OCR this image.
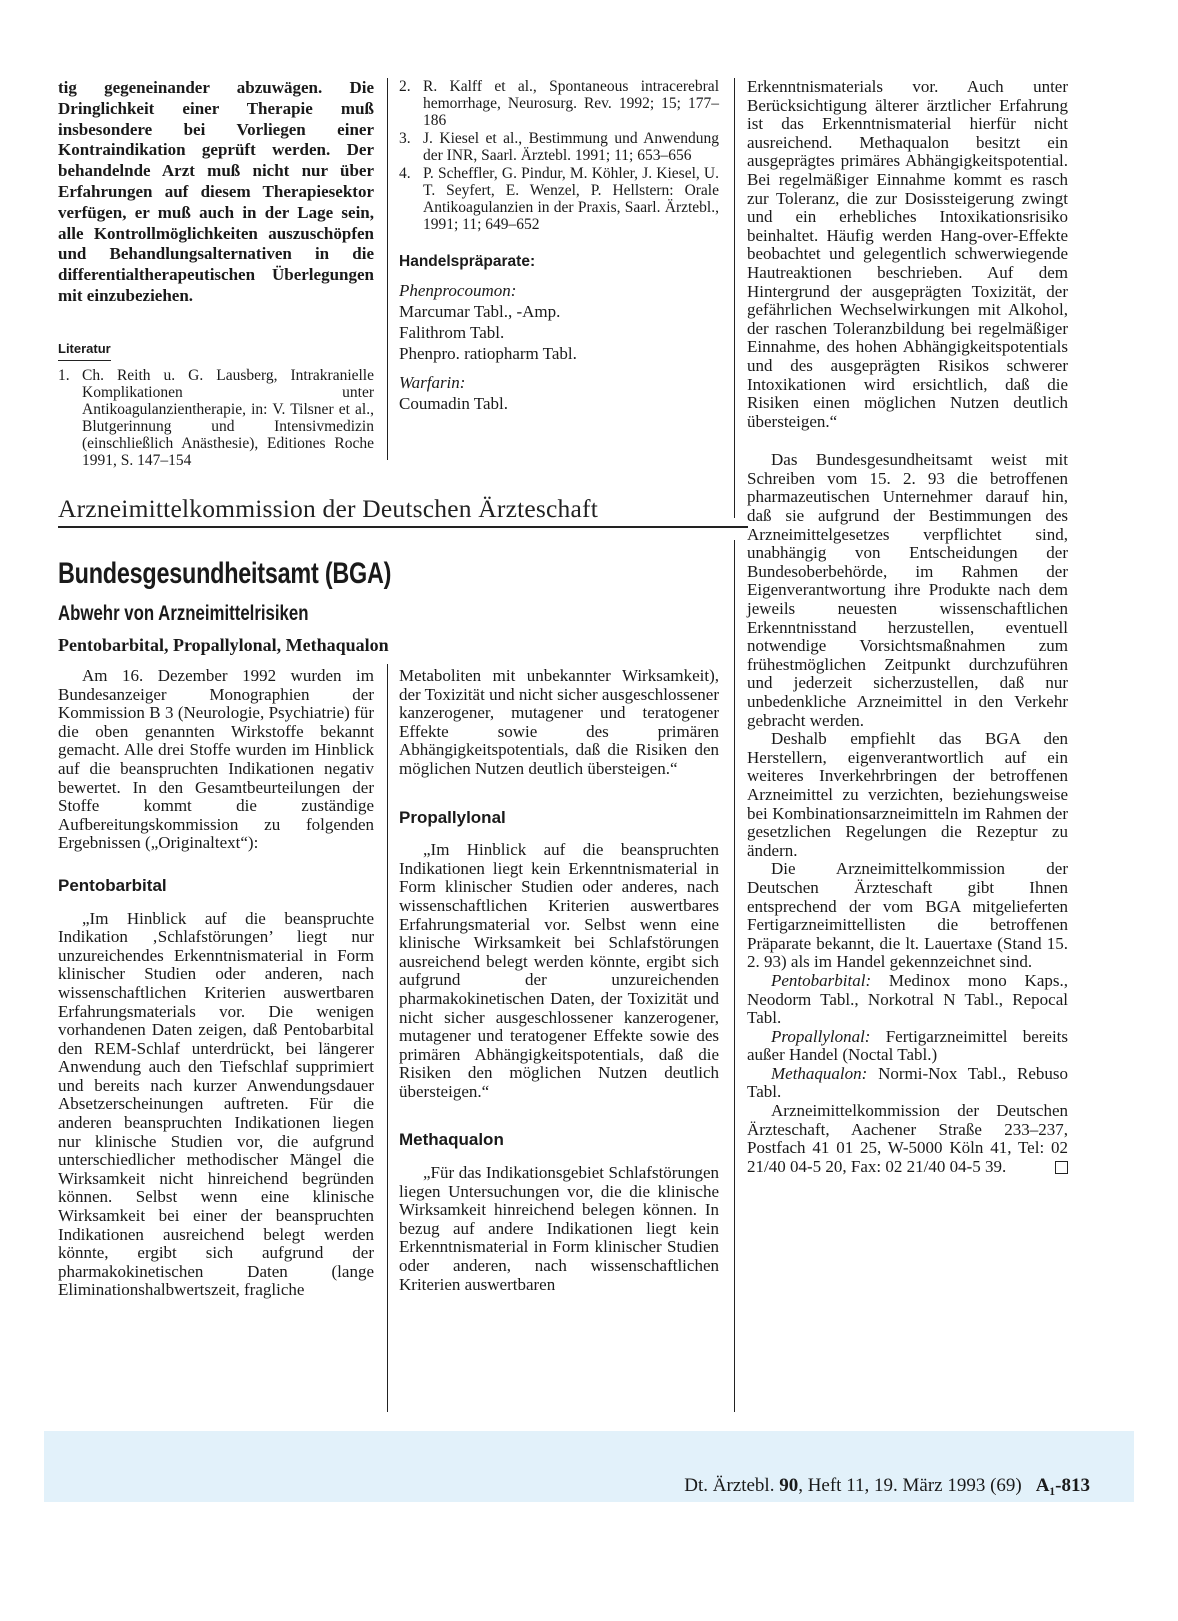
tig gegeneinander abzuwägen. Die Dringlichkeit einer Therapie muß insbesondere bei Vorliegen einer Kontraindikation geprüft werden. Der behandelnde Arzt muß nicht nur über Erfahrungen auf diesem Therapiesektor verfügen, er muß auch in der Lage sein, alle Kontrollmöglichkeiten auszuschöpfen und Behandlungsalternativen in die differentialtherapeutischen Überlegungen mit einzubeziehen.

Literatur
1. Ch. Reith u. G. Lausberg, Intrakranielle Komplikationen unter Antikoagulanzientherapie, in: V. Tilsner et al., Blutgerinnung und Intensivmedizin (einschließlich Anästhesie), Editiones Roche 1991, S. 147–154
2. R. Kalff et al., Spontaneous intracerebral hemorrhage, Neurosurg. Rev. 1992; 15; 177–186
3. J. Kiesel et al., Bestimmung und Anwendung der INR, Saarl. Ärztebl. 1991; 11; 653–656
4. P. Scheffler, G. Pindur, M. Köhler, J. Kiesel, U. T. Seyfert, E. Wenzel, P. Hellstern: Orale Antikoagulanzien in der Praxis, Saarl. Ärztebl., 1991; 11; 649–652
Handelspräparate:
Phenprocoumon:
Marcumar Tabl., -Amp.
Falithrom Tabl.
Phenpro. ratiopharm Tabl.
Warfarin:
Coumadin Tabl.
Arzneimittelkommission der Deutschen Ärzteschaft
Bundesgesundheitsamt (BGA)
Abwehr von Arzneimittelrisiken
Pentobarbital, Propallylonal, Methaqualon

Am 16. Dezember 1992 wurden im Bundesanzeiger Monographien der Kommission B 3 (Neurologie, Psychiatrie) für die oben genannten Wirkstoffe bekannt gemacht. Alle drei Stoffe wurden im Hinblick auf die beanspruchten Indikationen negativ bewertet. In den Gesamtbeurteilungen der Stoffe kommt die zuständige Aufbereitungskommission zu folgenden Ergebnissen („Originaltext“):

Pentobarbital

„Im Hinblick auf die beanspruchte Indikation ‚Schlafstörungen’ liegt nur unzureichendes Erkenntnismaterial in Form klinischer Studien oder anderen, nach wissenschaftlichen Kriterien auswertbaren Erfahrungsmaterials vor. Die wenigen vorhandenen Daten zeigen, daß Pentobarbital den REM-Schlaf unterdrückt, bei längerer Anwendung auch den Tiefschlaf supprimiert und bereits nach kurzer Anwendungsdauer Absetzerscheinungen auftreten. Für die anderen beanspruchten Indikationen liegen nur klinische Studien vor, die aufgrund unterschiedlicher methodischer Mängel die Wirksamkeit nicht hinreichend begründen können. Selbst wenn eine klinische Wirksamkeit bei einer der beanspruchten Indikationen ausreichend belegt werden könnte, ergibt sich aufgrund der pharmakokinetischen Daten (lange Eliminationshalbwertszeit, fragliche

Metaboliten mit unbekannter Wirksamkeit), der Toxizität und nicht sicher ausgeschlossener kanzerogener, mutagener und teratogener Effekte sowie des primären Abhängigkeitspotentials, daß die Risiken den möglichen Nutzen deutlich übersteigen.“

Propallylonal

„Im Hinblick auf die beanspruchten Indikationen liegt kein Erkenntnismaterial in Form klinischer Studien oder anderes, nach wissenschaftlichen Kriterien auswertbares Erfahrungsmaterial vor. Selbst wenn eine klinische Wirksamkeit bei Schlafstörungen ausreichend belegt werden könnte, ergibt sich aufgrund der unzureichenden pharmakokinetischen Daten, der Toxizität und nicht sicher ausgeschlossener kanzerogener, mutagener und teratogener Effekte sowie des primären Abhängigkeitspotentials, daß die Risiken den möglichen Nutzen deutlich übersteigen.“

Methaqualon

„Für das Indikationsgebiet Schlafstörungen liegen Untersuchungen vor, die die klinische Wirksamkeit hinreichend belegen können. In bezug auf andere Indikationen liegt kein Erkenntnismaterial in Form klinischer Studien oder anderen, nach wissenschaftlichen Kriterien auswertbaren

Erkenntnismaterials vor. Auch unter Berücksichtigung älterer ärztlicher Erfahrung ist das Erkenntnismaterial hierfür nicht ausreichend. Methaqualon besitzt ein ausgeprägtes primäres Abhängigkeitspotential. Bei regelmäßiger Einnahme kommt es rasch zur Toleranz, die zur Dosissteigerung zwingt und ein erhebliches Intoxikationsrisiko beinhaltet. Häufig werden Hang-over-Effekte beobachtet und gelegentlich schwerwiegende Hautreaktionen beschrieben. Auf dem Hintergrund der ausgeprägten Toxizität, der gefährlichen Wechselwirkungen mit Alkohol, der raschen Toleranzbildung bei regelmäßiger Einnahme, des hohen Abhängigkeitspotentials und des ausgeprägten Risikos schwerer Intoxikationen wird ersichtlich, daß die Risiken einen möglichen Nutzen deutlich übersteigen.“

Das Bundesgesundheitsamt weist mit Schreiben vom 15. 2. 93 die betroffenen pharmazeutischen Unternehmer darauf hin, daß sie aufgrund der Bestimmungen des Arzneimittelgesetzes verpflichtet sind, unabhängig von Entscheidungen der Bundesoberbehörde, im Rahmen der Eigenverantwortung ihre Produkte nach dem jeweils neuesten wissenschaftlichen Erkenntnisstand herzustellen, eventuell notwendige Vorsichtsmaßnahmen zum frühestmöglichen Zeitpunkt durchzuführen und jederzeit sicherzustellen, daß nur unbedenkliche Arzneimittel in den Verkehr gebracht werden.

Deshalb empfiehlt das BGA den Herstellern, eigenverantwortlich auf ein weiteres Inverkehrbringen der betroffenen Arzneimittel zu verzichten, beziehungsweise bei Kombinationsarzneimitteln im Rahmen der gesetzlichen Regelungen die Rezeptur zu ändern.

Die Arzneimittelkommission der Deutschen Ärzteschaft gibt Ihnen entsprechend der vom BGA mitgelieferten Fertigarzneimittellisten die betroffenen Präparate bekannt, die lt. Lauertaxe (Stand 15. 2. 93) als im Handel gekennzeichnet sind.

Pentobarbital: Medinox mono Kaps., Neodorm Tabl., Norkotral N Tabl., Repocal Tabl.

Propallylonal: Fertigarzneimittel bereits außer Handel (Noctal Tabl.)

Methaqualon: Normi-Nox Tabl., Rebuso Tabl.

Arzneimittelkommission der Deutschen Ärzteschaft, Aachener Straße 233–237, Postfach 41 01 25, W-5000 Köln 41, Tel: 02 21/40 04-5 20, Fax: 02 21/40 04-5 39.

Dt. Ärztebl. 90, Heft 11, 19. März 1993 (69) A₁-813
